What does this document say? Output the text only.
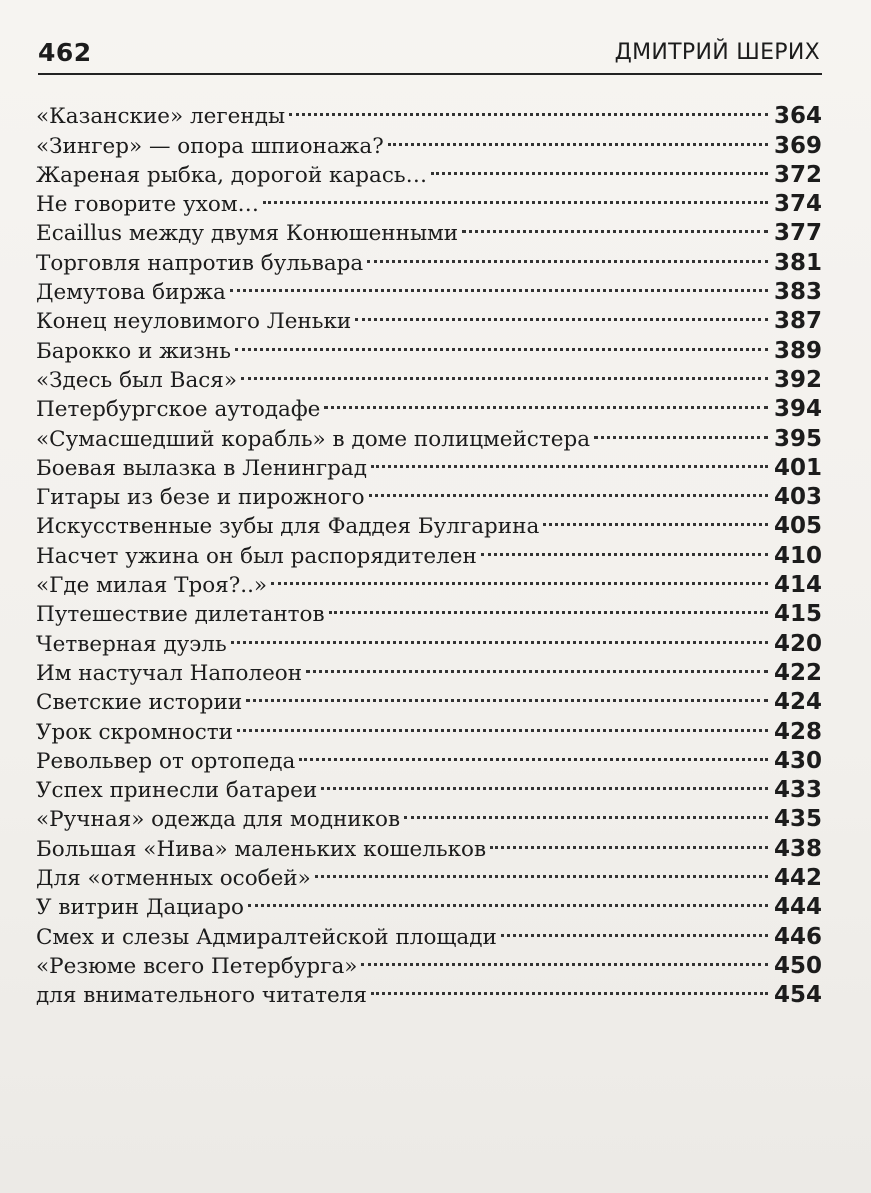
462	ДМИТРИЙ ШЕРИХ
«Казанские» легенды	364
«Зингер» — опора шпионажа?	369
Жареная рыбка, дорогой карась…	372
Не говорите ухом…	374
Ecaillus между двумя Конюшенными	377
Торговля напротив бульвара	381
Демутова биржа	383
Конец неуловимого Леньки	387
Барокко и жизнь	389
«Здесь был Вася»	392
Петербургское аутодафе	394
«Сумасшедший корабль» в доме полицмейстера	395
Боевая вылазка в Ленинград	401
Гитары из безе и пирожного	403
Искусственные зубы для Фаддея Булгарина	405
Насчет ужина он был распорядителен	410
«Где милая Троя?..»	414
Путешествие дилетантов	415
Четверная дуэль	420
Им настучал Наполеон	422
Светские истории	424
Урок скромности	428
Револьвер от ортопеда	430
Успех принесли батареи	433
«Ручная» одежда для модников	435
Большая «Нива» маленьких кошельков	438
Для «отменных особей»	442
У витрин Дациаро	444
Смех и слезы Адмиралтейской площади	446
«Резюме всего Петербурга»	450
для внимательного читателя	454
